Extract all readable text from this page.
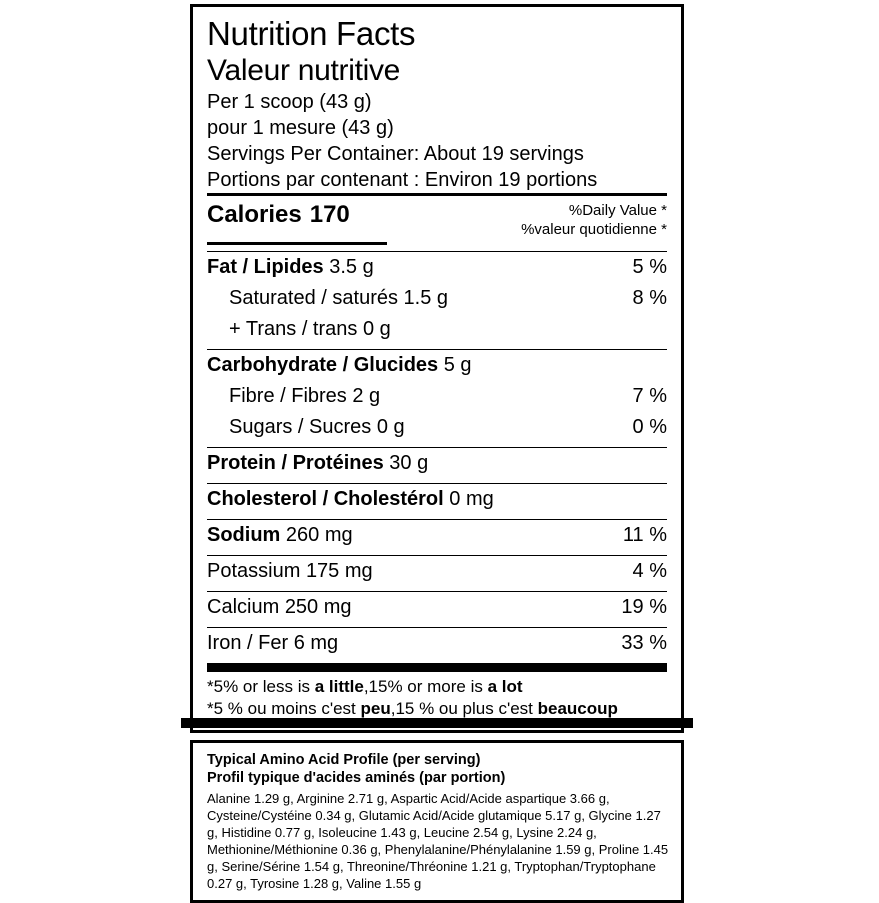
Nutrition Facts
Valeur nutritive
Per 1 scoop (43 g)
pour 1 mesure (43 g)
Servings Per Container: About 19 servings
Portions par contenant : Environ 19 portions
Calories 170	%Daily Value *
%valeur quotidienne *
Fat / Lipides 3.5 g	5 %
Saturated / saturés 1.5 g	8 %
+ Trans / trans 0 g
Carbohydrate / Glucides 5 g
Fibre / Fibres 2 g	7 %
Sugars / Sucres 0 g	0 %
Protein / Protéines 30 g
Cholesterol / Cholestérol 0 mg
Sodium 260 mg	11 %
Potassium 175 mg	4 %
Calcium 250 mg	19 %
Iron / Fer 6 mg	33 %
*5% or less is a little,15% or more is a lot
*5 % ou moins c'est peu,15 % ou plus c'est beaucoup
Typical Amino Acid Profile (per serving)
Profil typique d'acides aminés (par portion)
Alanine 1.29 g, Arginine 2.71 g, Aspartic Acid/Acide aspartique 3.66 g, Cysteine/Cystéine 0.34 g, Glutamic Acid/Acide glutamique 5.17 g, Glycine 1.27 g, Histidine 0.77 g, Isoleucine 1.43 g, Leucine 2.54 g, Lysine 2.24 g, Methionine/Méthionine 0.36 g, Phenylalanine/Phénylalanine 1.59 g, Proline 1.45 g, Serine/Sérine 1.54 g, Threonine/Thréonine 1.21 g, Tryptophan/Tryptophane 0.27 g, Tyrosine 1.28 g, Valine 1.55 g
